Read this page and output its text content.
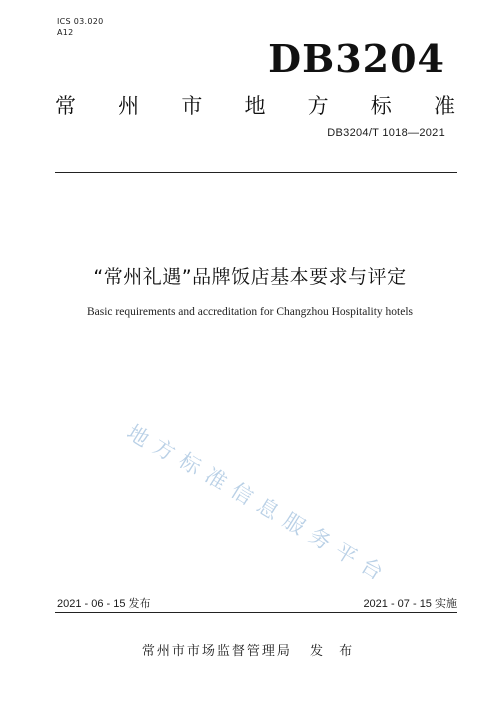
ICS 03.020
A12
DB3204
常 州 市 地 方 标 准
DB3204/T 1018—2021
“常州礼遇”品牌饭店基本要求与评定
Basic requirements and accreditation for Changzhou Hospitality hotels
地
方
标
准
信
息
服
务
平
台
2021 - 06 - 15 发布	2021 - 07 - 15 实施
常州市市场监督管理局 发 布
